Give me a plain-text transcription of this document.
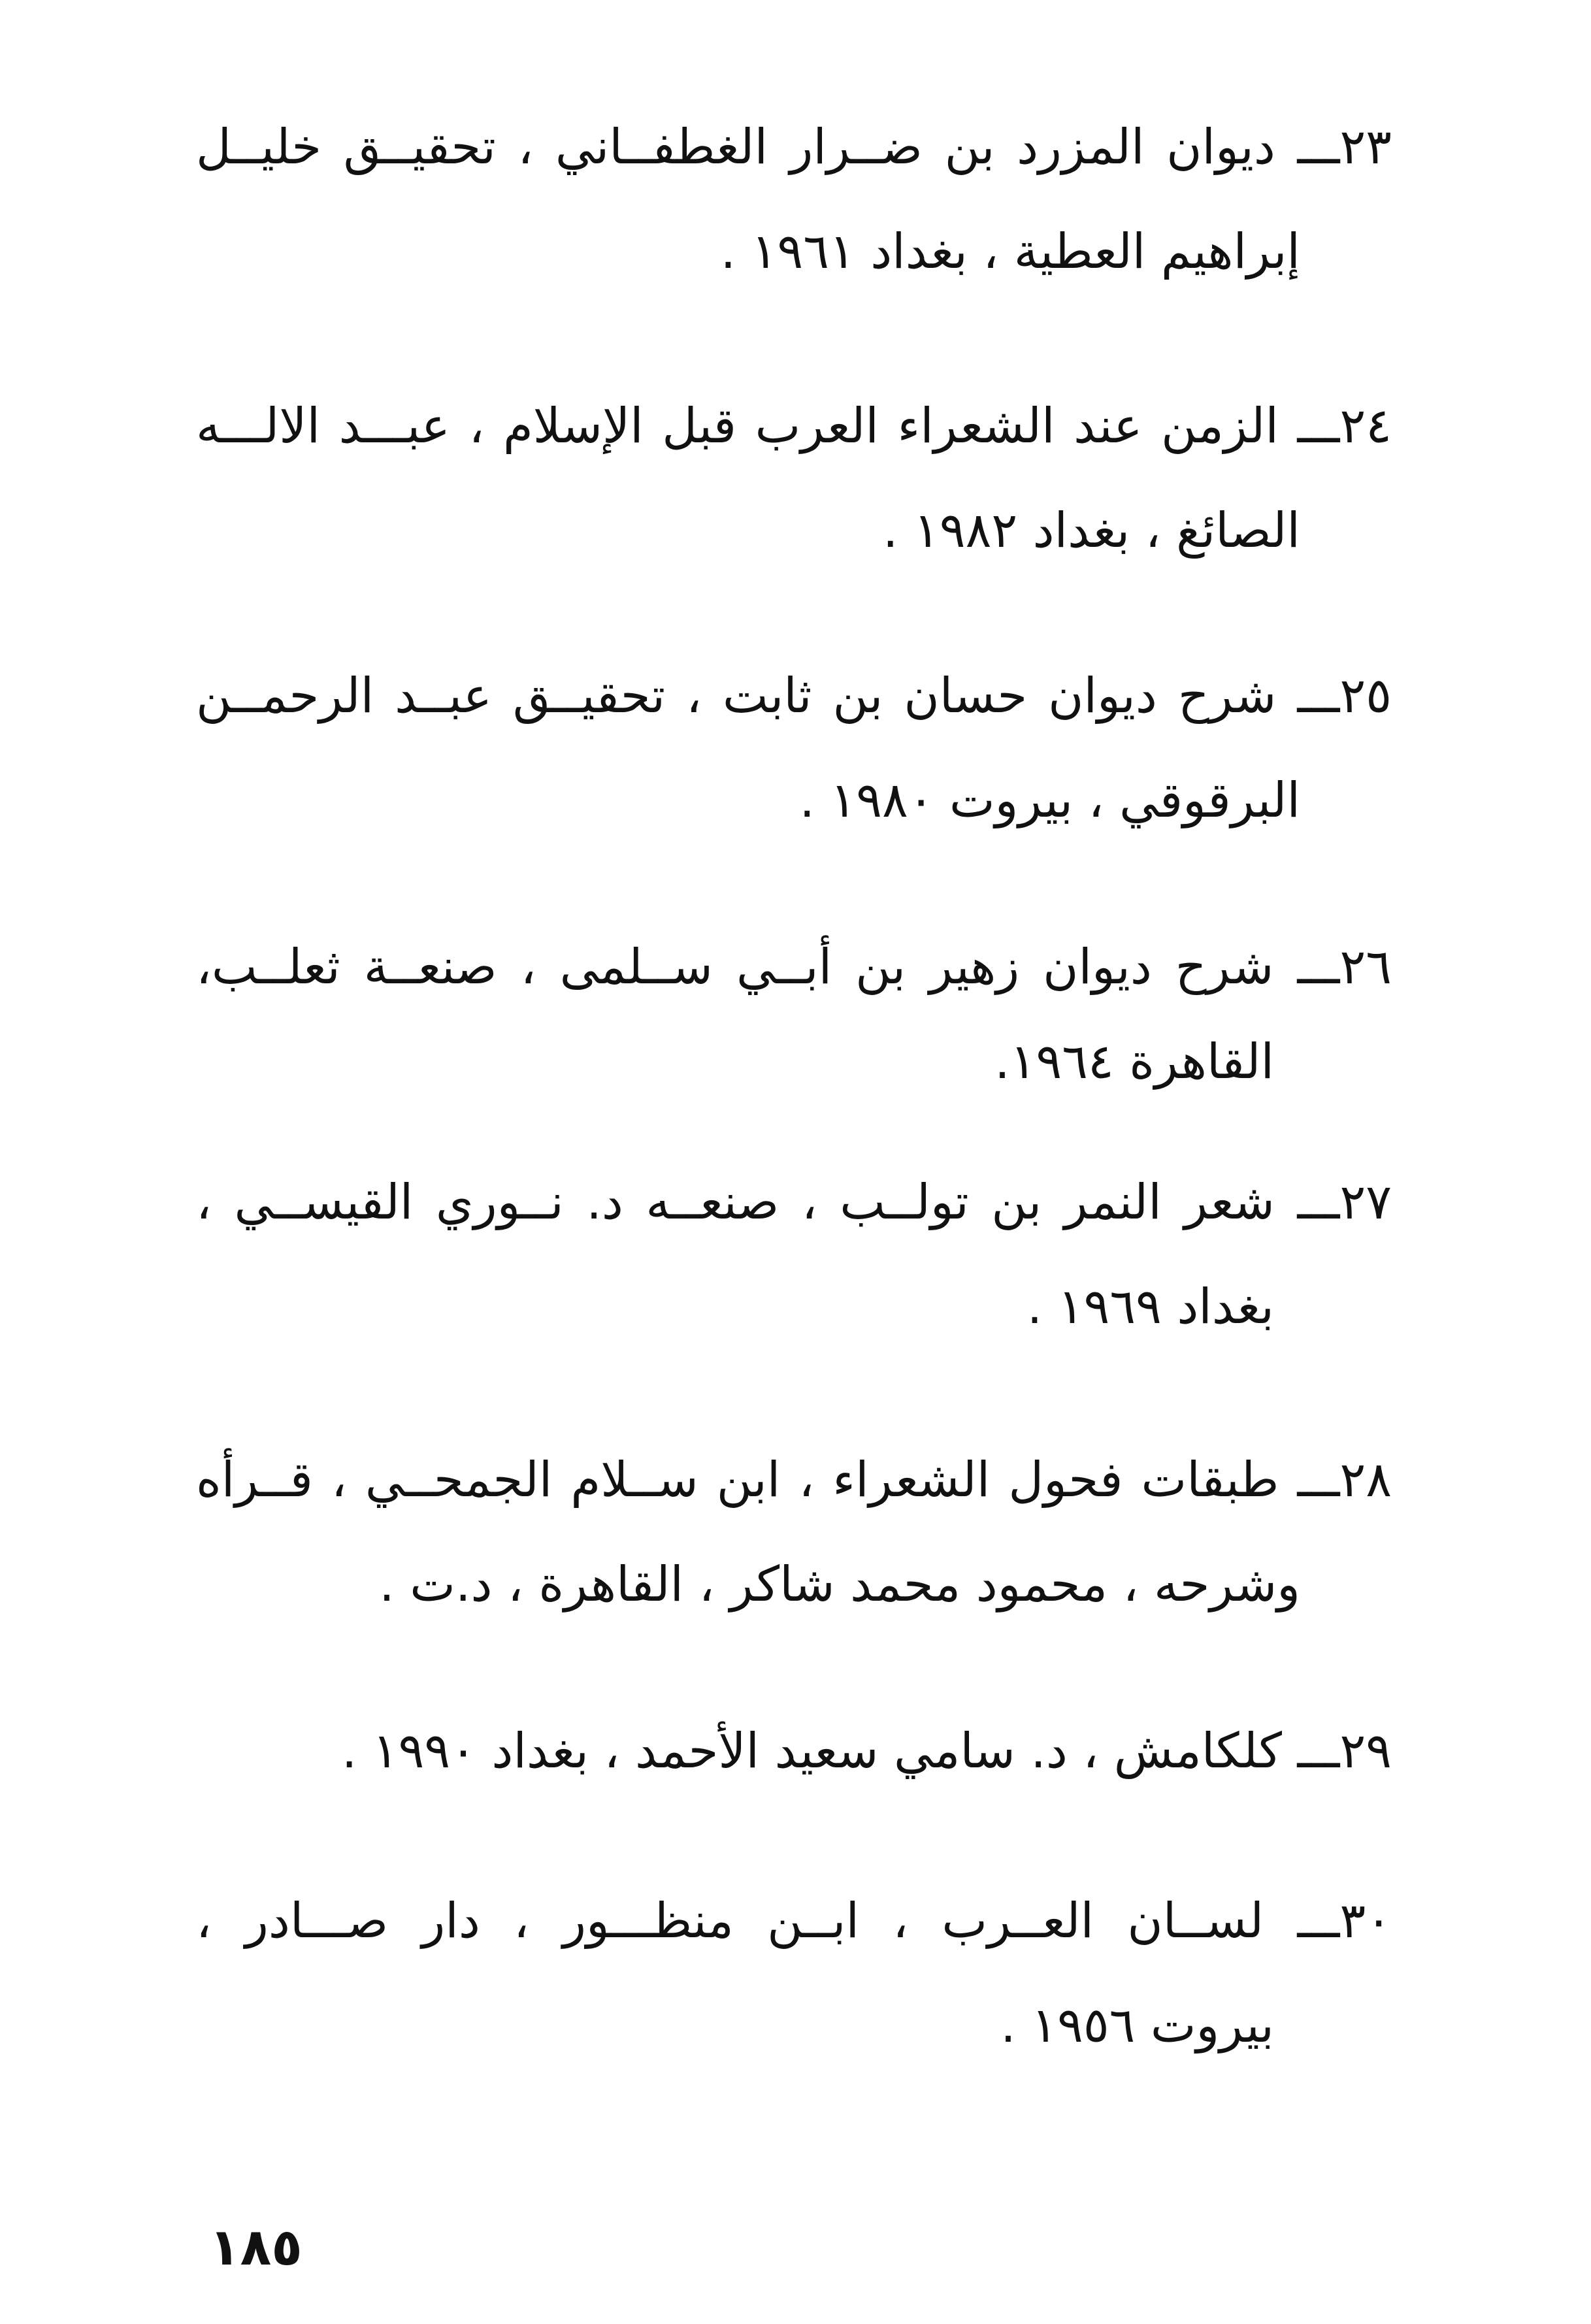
٢٣ـــ ديوان المزرد بن ضــرار الغطفــاني ، تحقيــق خليــل
إبراهيم العطية ، بغداد ١٩٦١ .
٢٤ـــ الزمن عند الشعراء العرب قبل الإسلام ، عبـــد الالـــه
الصائغ ، بغداد ١٩٨٢ .
٢٥ـــ شرح ديوان حسان بن ثابت ، تحقيــق عبــد الرحمــن
البرقوقي ، بيروت ١٩٨٠ .
٢٦ـــ شرح ديوان زهير بن أبــي ســلمى ، صنعــة ثعلــب،
القاهرة ١٩٦٤.
٢٧ـــ شعر النمر بن تولــب ، صنعــه د. نــوري القيســي ،
بغداد ١٩٦٩ .
٢٨ـــ طبقات فحول الشعراء ، ابن ســلام الجمحــي ، قــرأه
وشرحه ، محمود محمد شاكر ، القاهرة ، د.ت .
٢٩ـــ كلكامش ، د. سامي سعيد الأحمد ، بغداد ١٩٩٠ .
٣٠ـــ لســان العــرب ، ابــن منظـــور ، دار صـــادر ،
بيروت ١٩٥٦ .
١٨٥
